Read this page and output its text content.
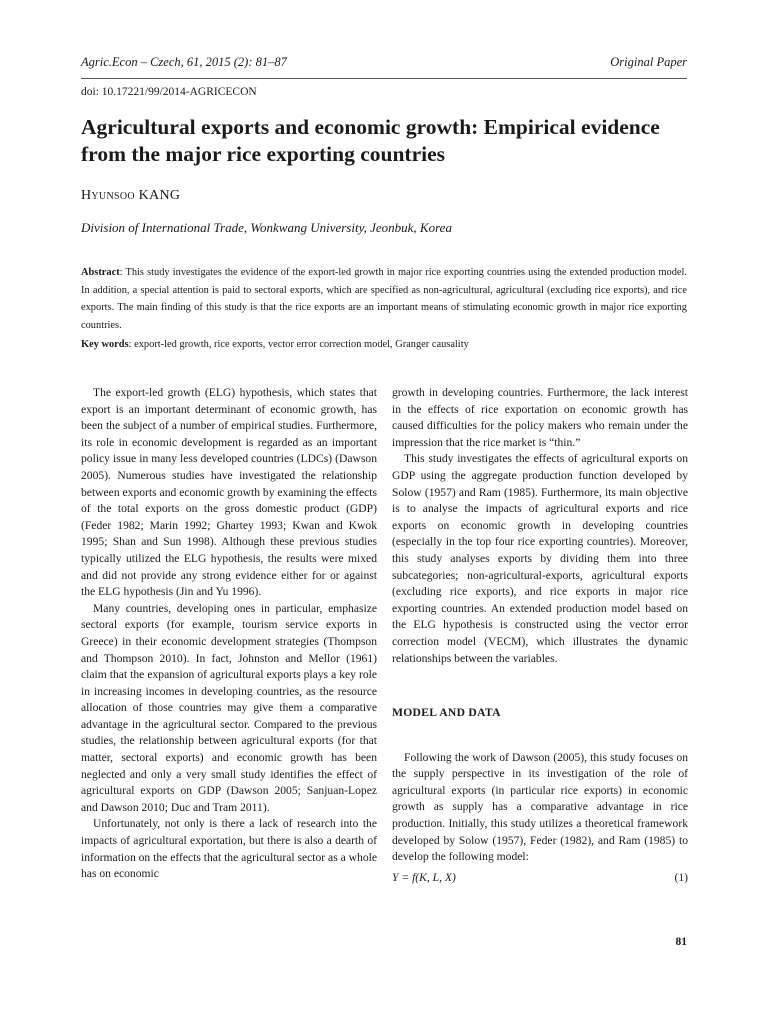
Agric.Econ – Czech, 61, 2015 (2): 81–87	Original Paper
doi: 10.17221/99/2014-AGRICECON
Agricultural exports and economic growth: Empirical evidence from the major rice exporting countries
Hyunsoo KANG
Division of International Trade, Wonkwang University, Jeonbuk, Korea

Abstract: This study investigates the evidence of the export-led growth in major rice exporting countries using the extended production model. In addition, a special attention is paid to sectoral exports, which are specified as non-agricultural, agricultural (excluding rice exports), and rice exports. The main finding of this study is that the rice exports are an important means of stimulating economic growth in major rice exporting countries.

Key words: export-led growth, rice exports, vector error correction model, Granger causality

The export-led growth (ELG) hypothesis, which states that export is an important determinant of economic growth, has been the subject of a number of empirical studies. Furthermore, its role in economic development is regarded as an important policy issue in many less developed countries (LDCs) (Dawson 2005). Numerous studies have investigated the relationship between exports and economic growth by examining the effects of the total exports on the gross domestic product (GDP) (Feder 1982; Marin 1992; Ghartey 1993; Kwan and Kwok 1995; Shan and Sun 1998). Although these previous studies typically utilized the ELG hypothesis, the results were mixed and did not provide any strong evidence either for or against the ELG hypothesis (Jin and Yu 1996).

Many countries, developing ones in particular, emphasize sectoral exports (for example, tourism service exports in Greece) in their economic development strategies (Thompson and Thompson 2010). In fact, Johnston and Mellor (1961) claim that the expansion of agricultural exports plays a key role in increasing incomes in developing countries, as the resource allocation of those countries may give them a comparative advantage in the agricultural sector. Compared to the previous studies, the relationship between agricultural exports (for that matter, sectoral exports) and economic growth has been neglected and only a very small study identifies the effect of agricultural exports on GDP (Dawson 2005; Sanjuan-Lopez and Dawson 2010; Duc and Tram 2011).

Unfortunately, not only is there a lack of research into the impacts of agricultural exportation, but there is also a dearth of information on the effects that the agricultural sector as a whole has on economic

growth in developing countries. Furthermore, the lack interest in the effects of rice exportation on economic growth has caused difficulties for the policy makers who remain under the impression that the rice market is “thin.”

This study investigates the effects of agricultural exports on GDP using the aggregate production function developed by Solow (1957) and Ram (1985). Furthermore, its main objective is to analyse the impacts of agricultural exports and rice exports on economic growth in developing countries (especially in the top four rice exporting countries). Moreover, this study analyses exports by dividing them into three subcategories; non-agricultural-exports, agricultural exports (excluding rice exports), and rice exports in major rice exporting countries. An extended production model based on the ELG hypothesis is constructed using the vector error correction model (VECM), which illustrates the dynamic relationships between the variables.

MODEL AND DATA

Following the work of Dawson (2005), this study focuses on the supply perspective in its investigation of the role of agricultural exports (in particular rice exports) in economic growth as supply has a comparative advantage in rice production. Initially, this study utilizes a theoretical framework developed by Solow (1957), Feder (1982), and Ram (1985) to develop the following model:

Y = f(K, L, X)	(1)
81
